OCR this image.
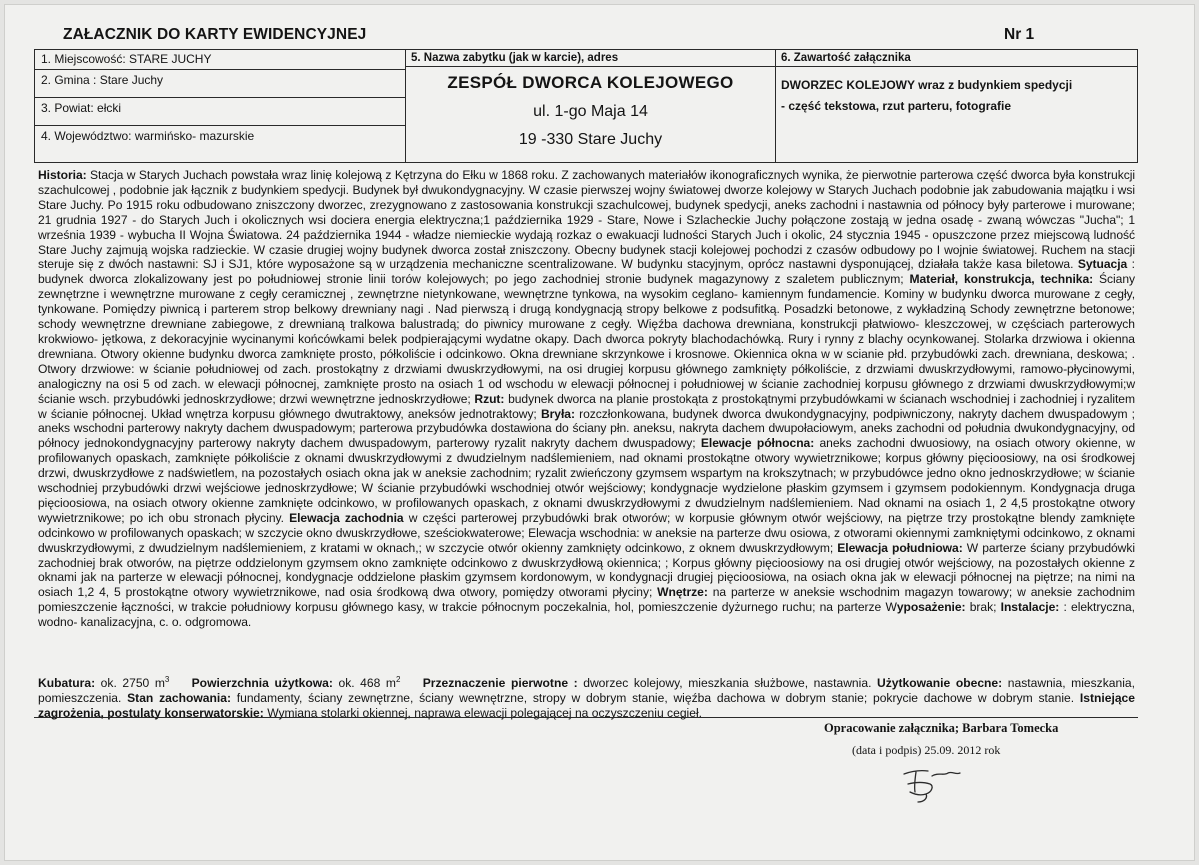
ZAŁACZNIK DO KARTY EWIDENCYJNEJ	Nr 1
1. Miejscowość: STARE JUCHY
2. Gmina : Stare Juchy
3. Powiat: ełcki
4. Województwo: warmińsko- mazurskie
5. Nazwa zabytku (jak w karcie), adres
ZESPÓŁ DWORCA KOLEJOWEGO
ul. 1-go Maja 14
19 -330 Stare Juchy
6. Zawartość załącznika
DWORZEC KOLEJOWY wraz z budynkiem spedycji
- część tekstowa, rzut parteru, fotografie
Historia: Stacja w Starych Juchach powstała wraz linię kolejową z Kętrzyna do Ełku w 1868 roku. Z zachowanych materiałów ikonograficznych wynika, że pierwotnie parterowa część dworca była konstrukcji szachulcowej , podobnie jak łącznik z budynkiem spedycji. Budynek był dwukondygnacyjny. W czasie pierwszej wojny światowej dworze kolejowy w Starych Juchach podobnie jak zabudowania majątku i wsi Stare Juchy. Po 1915 roku odbudowano zniszczony dworzec, zrezygnowano z zastosowania konstrukcji szachulcowej, budynek spedycji, aneks zachodni i nastawnia od północy były parterowe i murowane; 21 grudnia 1927 - do Starych Juch i okolicznych wsi dociera energia elektryczna;1 października 1929 - Stare, Nowe i Szlacheckie Juchy połączone zostają w jedna osadę - zwaną wówczas "Jucha"; 1 września 1939 - wybucha II Wojna Światowa. 24 października 1944 - władze niemieckie wydają rozkaz o ewakuacji ludności Starych Juch i okolic, 24 stycznia 1945 - opuszczone przez miejscową ludność Stare Juchy zajmują wojska radzieckie. W czasie drugiej wojny budynek dworca został zniszczony. Obecny budynek stacji kolejowej pochodzi z czasów odbudowy po I wojnie światowej. Ruchem na stacji steruje się z dwóch nastawni: SJ i SJ1, które wyposażone są w urządzenia mechaniczne scentralizowane. W budynku stacyjnym, oprócz nastawni dysponującej, działała także kasa biletowa. Sytuacja : budynek dworca zlokalizowany jest po południowej stronie linii torów kolejowych; po jego zachodniej stronie budynek magazynowy z szaletem publicznym; Materiał, konstrukcja, technika: Ściany zewnętrzne i wewnętrzne murowane z cegły ceramicznej , zewnętrzne nietynkowane, wewnętrzne tynkowa, na wysokim ceglano- kamiennym fundamencie. Kominy w budynku dworca murowane z cegły, tynkowane. Pomiędzy piwnicą i parterem strop belkowy drewniany nagi . Nad pierwszą i drugą kondygnacją stropy belkowe z podsufitką. Posadzki betonowe, z wykładziną Schody zewnętrzne betonowe; schody wewnętrzne drewniane zabiegowe, z drewnianą tralkowa balustradą; do piwnicy murowane z cegły. Więźba dachowa drewniana, konstrukcji płatwiowo- kleszczowej, w częściach parterowych krokwiowo- jętkowa, z dekoracyjnie wycinanymi końcówkami belek podpierającymi wydatne okapy. Dach dworca pokryty blachodachówką. Rury i rynny z blachy ocynkowanej. Stolarka drzwiowa i okienna drewniana. Otwory okienne budynku dworca zamknięte prosto, półkoliście i odcinkowo. Okna drewniane skrzynkowe i krosnowe. Okiennica okna w w scianie płd. przybudówki zach. drewniana, deskowa; . Otwory drzwiowe: w ścianie południowej od zach. prostokątny z drzwiami dwuskrzydłowymi, na osi drugiej korpusu głównego zamknięty półkoliście, z drzwiami dwuskrzydłowymi, ramowo-płycinowymi, analogiczny na osi 5 od zach. w elewacji północnej, zamknięte prosto na osiach 1 od wschodu w elewacji północnej i południowej w ścianie zachodniej korpusu głównego z drzwiami dwuskrzydłowymi;w ścianie wsch. przybudówki jednoskrzydłowe; drzwi wewnętrzne jednoskrzydłowe; Rzut: budynek dworca na planie prostokąta z prostokątnymi przybudówkami w ścianach wschodniej i zachodniej i ryzalitem w ścianie północnej. Układ wnętrza korpusu głównego dwutraktowy, aneksów jednotraktowy; Bryła: rozczłonkowana, budynek dworca dwukondygnacyjny, podpiwniczony, nakryty dachem dwuspadowym ; aneks wschodni parterowy nakryty dachem dwuspadowym; parterowa przybudówka dostawiona do ściany płn. aneksu, nakryta dachem dwupołaciowym, aneks zachodni od południa dwukondygnacyjny, od północy jednokondygnacyjny parterowy nakryty dachem dwuspadowym, parterowy ryzalit nakryty dachem dwuspadowy; Elewacje północna: aneks zachodni dwuosiowy, na osiach otwory okienne, w profilowanych opaskach, zamknięte półkoliście z oknami dwuskrzydłowymi z dwudzielnym nadślemieniem, nad oknami prostokątne otwory wywietrznikowe; korpus główny pięcioosiowy, na osi środkowej drzwi, dwuskrzydłowe z nadświetlem, na pozostałych osiach okna jak w aneksie zachodnim; ryzalit zwieńczony gzymsem wspartym na krokszytnach; w przybudówce jedno okno jednoskrzydłowe; w ścianie wschodniej przybudówki drzwi wejściowe jednoskrzydłowe; W ścianie przybudówki wschodniej otwór wejściowy; kondygnacje wydzielone płaskim gzymsem i gzymsem podokiennym. Kondygnacja druga pięcioosiowa, na osiach otwory okienne zamknięte odcinkowo, w profilowanych opaskach, z oknami dwuskrzydłowymi z dwudzielnym nadślemieniem. Nad oknami na osiach 1, 2 4,5 prostokątne otwory wywietrznikowe; po ich obu stronach płyciny. Elewacja zachodnia w części parterowej przybudówki brak otworów; w korpusie głównym otwór wejściowy, na piętrze trzy prostokątne blendy zamknięte odcinkowo w profilowanych opaskach; w szczycie okno dwuskrzydłowe, sześciokwaterowe; Elewacja wschodnia: w aneksie na parterze dwu osiowa, z otworami okiennymi zamkniętymi odcinkowo, z oknami dwuskrzydłowymi, z dwudzielnym nadślemieniem, z kratami w oknach,; w szczycie otwór okienny zamknięty odcinkowo, z oknem dwuskrzydłowym; Elewacja południowa: W parterze ściany przybudówki zachodniej brak otworów, na piętrze oddzielonym gzymsem okno zamknięte odcinkowo z dwuskrzydłową okiennica; ; Korpus główny pięcioosiowy na osi drugiej otwór wejściowy, na pozostałych okienne z oknami jak na parterze w elewacji północnej, kondygnacje oddzielone płaskim gzymsem kordonowym, w kondygnacji drugiej pięcioosiowa, na osiach okna jak w elewacji północnej na piętrze; na nimi na osiach 1,2 4, 5 prostokątne otwory wywietrznikowe, nad osia środkową dwa otwory, pomiędzy otworami płyciny; Wnętrze: na parterze w aneksie wschodnim magazyn towarowy; w aneksie zachodnim pomieszczenie łączności, w trakcie południowy korpusu głównego kasy, w trakcie północnym poczekalnia, hol, pomieszczenie dyżurnego ruchu; na parterze Wyposażenie: brak; Instalacje: : elektryczna, wodno- kanalizacyjna, c. o. odgromowa.
Kubatura: ok. 2750 $m^3$ Powierzchnia użytkowa: ok. 468 $m^2$ Przeznaczenie pierwotne : dworzec kolejowy, mieszkania służbowe, nastawnia. Użytkowanie obecne: nastawnia, mieszkania, pomieszczenia. Stan zachowania: fundamenty, ściany zewnętrzne, ściany wewnętrzne, stropy w dobrym stanie, więźba dachowa w dobrym stanie; pokrycie dachowe w dobrym stanie. Istniejące zagrożenia, postulaty konserwatorskie: Wymiana stolarki okiennej, naprawa elewacji polegającej na oczyszczeniu cegieł.
Opracowanie załącznika; Barbara Tomecka
(data i podpis) 25.09. 2012 rok
